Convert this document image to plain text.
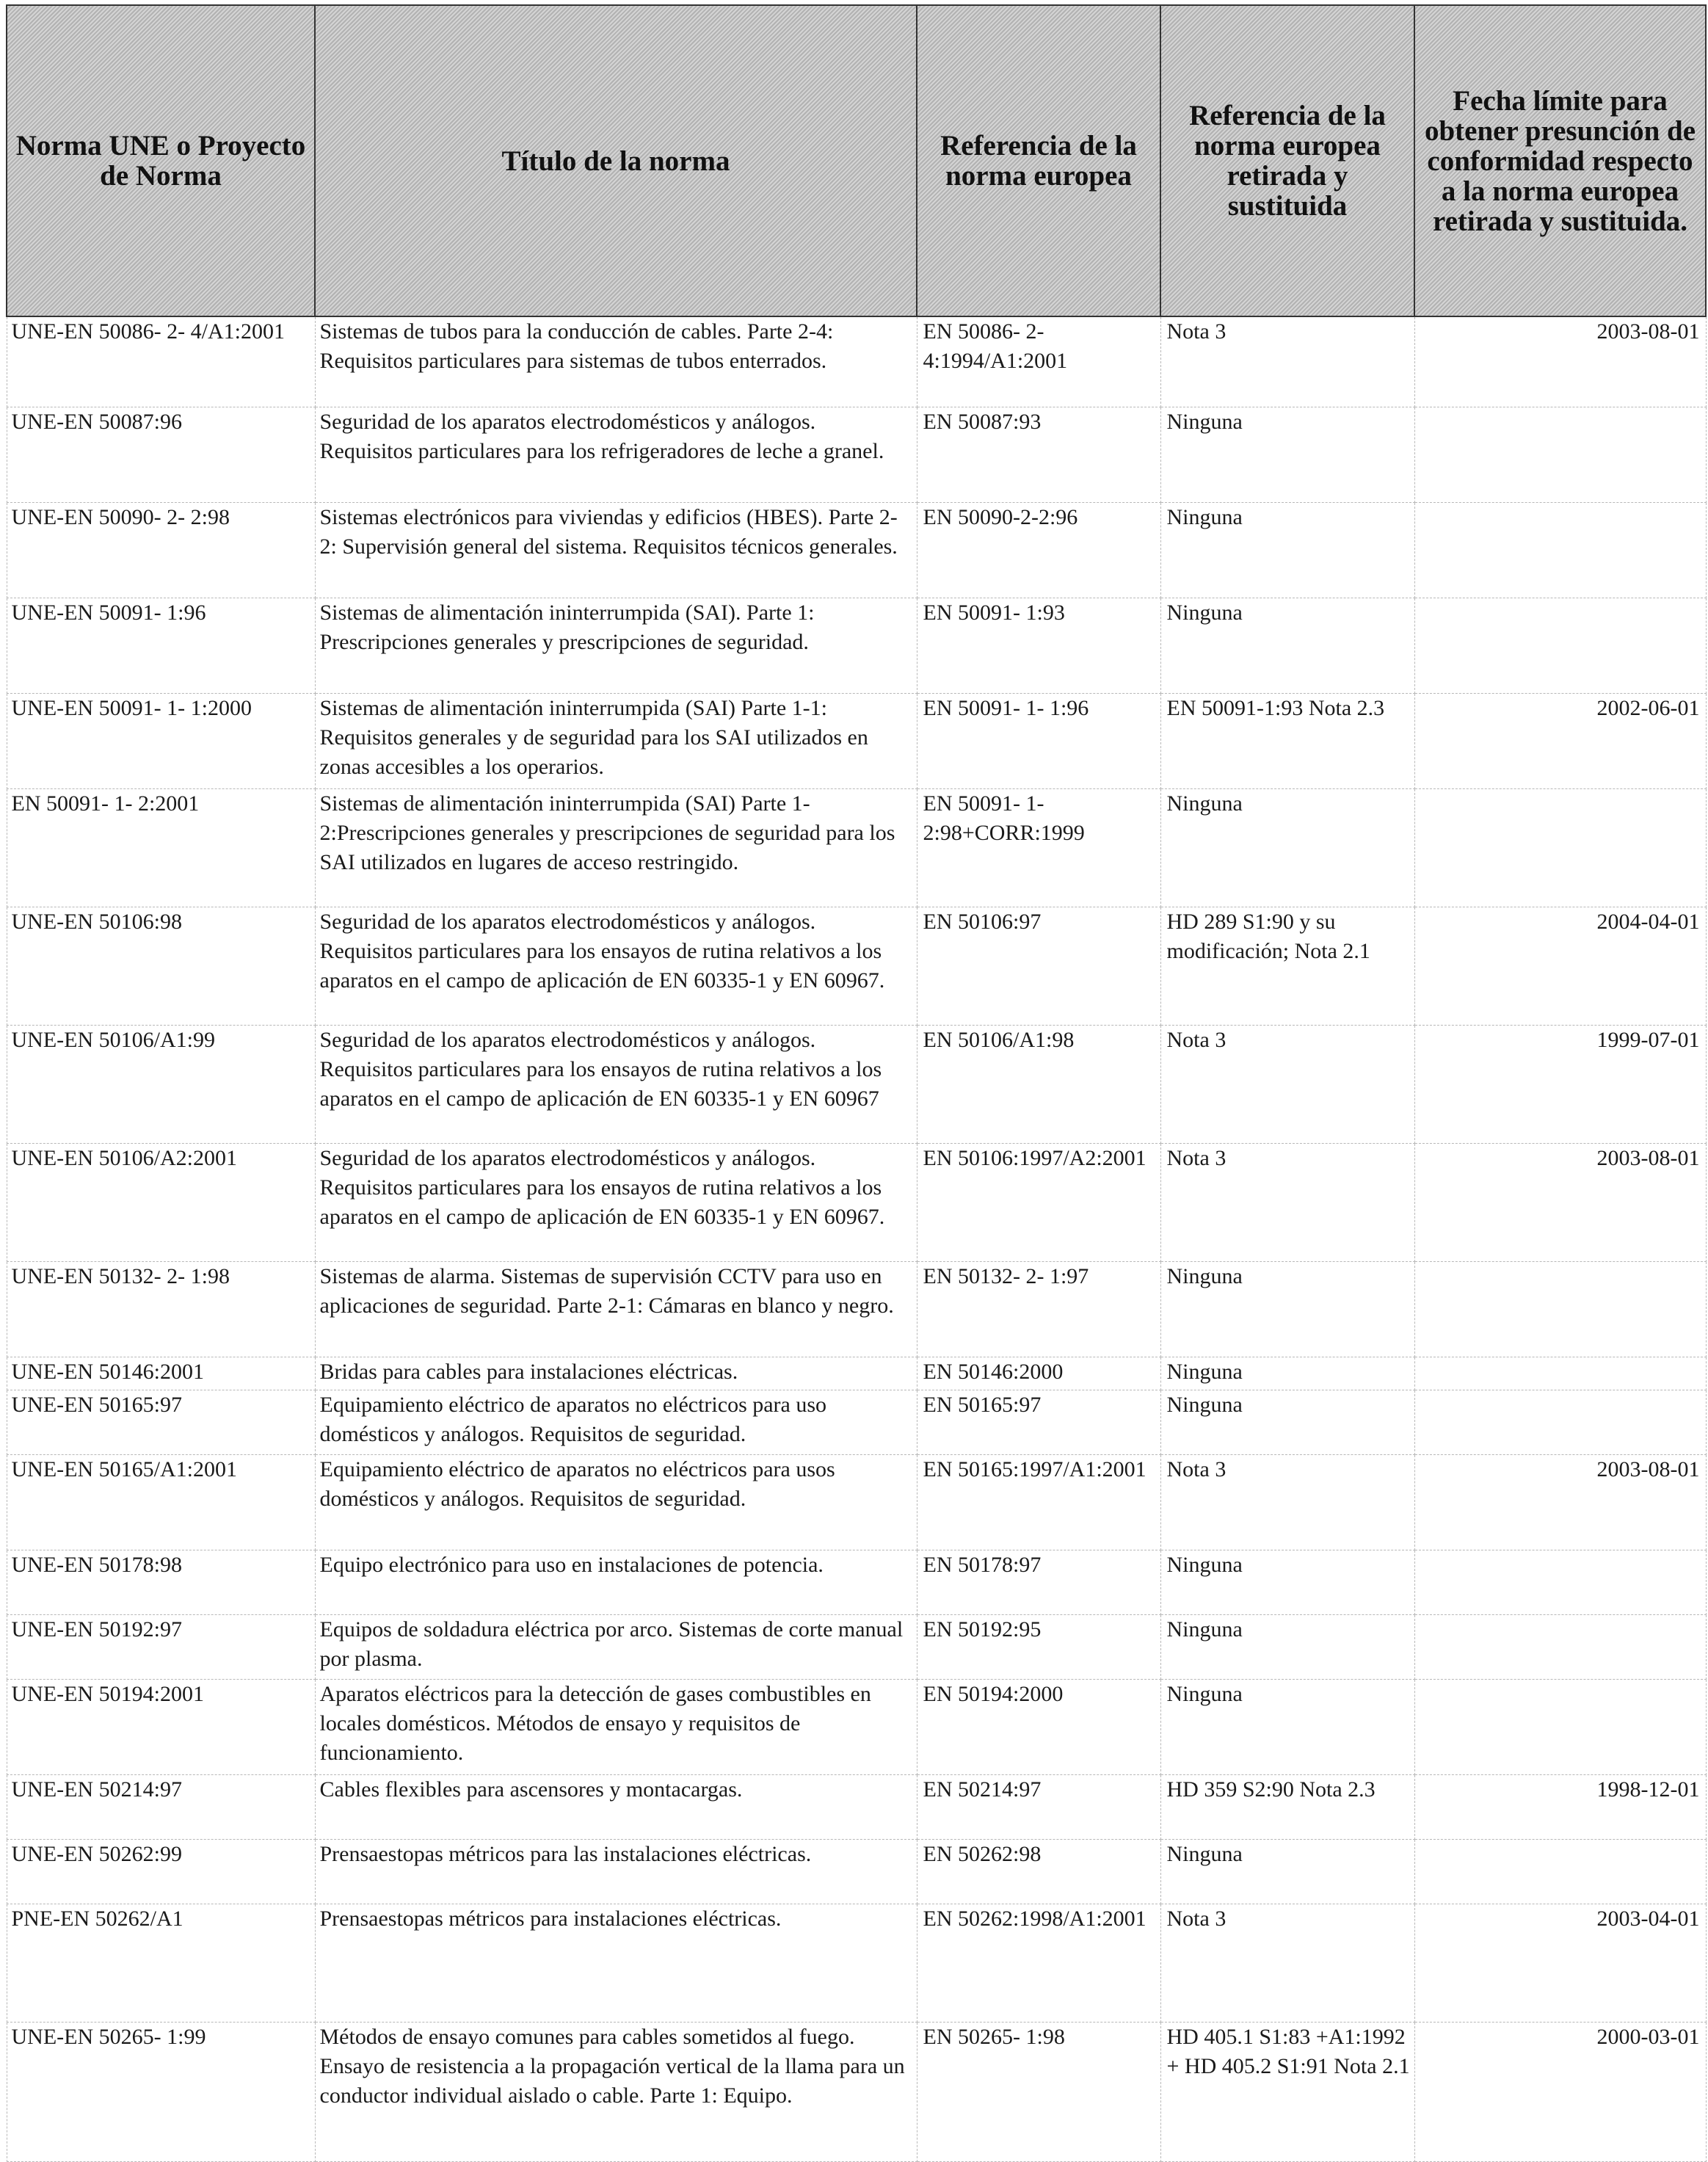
Norma UNE o Proyecto de Norma	Título de la norma	Referencia de la norma europea	Referencia de la norma europea retirada y sustituida	Fecha límite para obtener presunción de conformidad respecto a la norma europea retirada y sustituida.
UNE-EN 50086- 2- 4/A1:2001	Sistemas de tubos para la conducción de cables. Parte 2-4: Requisitos particulares para sistemas de tubos enterrados.	EN 50086- 2- 4:1994/A1:2001	Nota 3	2003-08-01
UNE-EN 50087:96	Seguridad de los aparatos electrodomésticos y análogos. Requisitos particulares para los refrigeradores de leche a granel.	EN 50087:93	Ninguna	
UNE-EN 50090- 2- 2:98	Sistemas electrónicos para viviendas y edificios (HBES). Parte 2-2: Supervisión general del sistema. Requisitos técnicos generales.	EN 50090-2-2:96	Ninguna	
UNE-EN 50091- 1:96	Sistemas de alimentación ininterrumpida (SAI). Parte 1: Prescripciones generales y prescripciones de seguridad.	EN 50091- 1:93	Ninguna	
UNE-EN 50091- 1- 1:2000	Sistemas de alimentación ininterrumpida (SAI) Parte 1-1: Requisitos generales y de seguridad para los SAI utilizados en zonas accesibles a los operarios.	EN 50091- 1- 1:96	EN 50091-1:93 Nota 2.3	2002-06-01
EN 50091- 1- 2:2001	Sistemas de alimentación ininterrumpida (SAI) Parte 1-2:Prescripciones generales y prescripciones de seguridad para los SAI utilizados en lugares de acceso restringido.	EN 50091- 1- 2:98+CORR:1999	Ninguna	
UNE-EN 50106:98	Seguridad de los aparatos electrodomésticos y análogos. Requisitos particulares para los ensayos de rutina relativos a los aparatos en el campo de aplicación de EN 60335-1 y EN 60967.	EN 50106:97	HD 289 S1:90 y su modificación; Nota 2.1	2004-04-01
UNE-EN 50106/A1:99	Seguridad de los aparatos electrodomésticos y análogos. Requisitos particulares para los ensayos de rutina relativos a los aparatos en el campo de aplicación de EN 60335-1 y EN 60967	EN 50106/A1:98	Nota 3	1999-07-01
UNE-EN 50106/A2:2001	Seguridad de los aparatos electrodomésticos y análogos. Requisitos particulares para los ensayos de rutina relativos a los aparatos en el campo de aplicación de EN 60335-1 y EN 60967.	EN 50106:1997/A2:2001	Nota 3	2003-08-01
UNE-EN 50132- 2- 1:98	Sistemas de alarma. Sistemas de supervisión CCTV para uso en aplicaciones de seguridad. Parte 2-1: Cámaras en blanco y negro.	EN 50132- 2- 1:97	Ninguna	
UNE-EN 50146:2001	Bridas para cables para instalaciones eléctricas.	EN 50146:2000	Ninguna	
UNE-EN 50165:97	Equipamiento eléctrico de aparatos no eléctricos para uso domésticos y análogos. Requisitos de seguridad.	EN 50165:97	Ninguna	
UNE-EN 50165/A1:2001	Equipamiento eléctrico de aparatos no eléctricos para usos domésticos y análogos. Requisitos de seguridad.	EN 50165:1997/A1:2001	Nota 3	2003-08-01
UNE-EN 50178:98	Equipo electrónico para uso en instalaciones de potencia.	EN 50178:97	Ninguna	
UNE-EN 50192:97	Equipos de soldadura eléctrica por arco. Sistemas de corte manual por plasma.	EN 50192:95	Ninguna	
UNE-EN 50194:2001	Aparatos eléctricos para la detección de gases combustibles en locales domésticos. Métodos de ensayo y requisitos de funcionamiento.	EN 50194:2000	Ninguna	
UNE-EN 50214:97	Cables flexibles para ascensores y montacargas.	EN 50214:97	HD 359 S2:90 Nota 2.3	1998-12-01
UNE-EN 50262:99	Prensaestopas métricos para las instalaciones eléctricas.	EN 50262:98	Ninguna	
PNE-EN 50262/A1	Prensaestopas métricos para instalaciones eléctricas.	EN 50262:1998/A1:2001	Nota 3	2003-04-01
UNE-EN 50265- 1:99	Métodos de ensayo comunes para cables sometidos al fuego. Ensayo de resistencia a la propagación vertical de la llama para un conductor individual aislado o cable. Parte 1: Equipo.	EN 50265- 1:98	HD 405.1 S1:83 +A1:1992 + HD 405.2 S1:91 Nota 2.1	2000-03-01
